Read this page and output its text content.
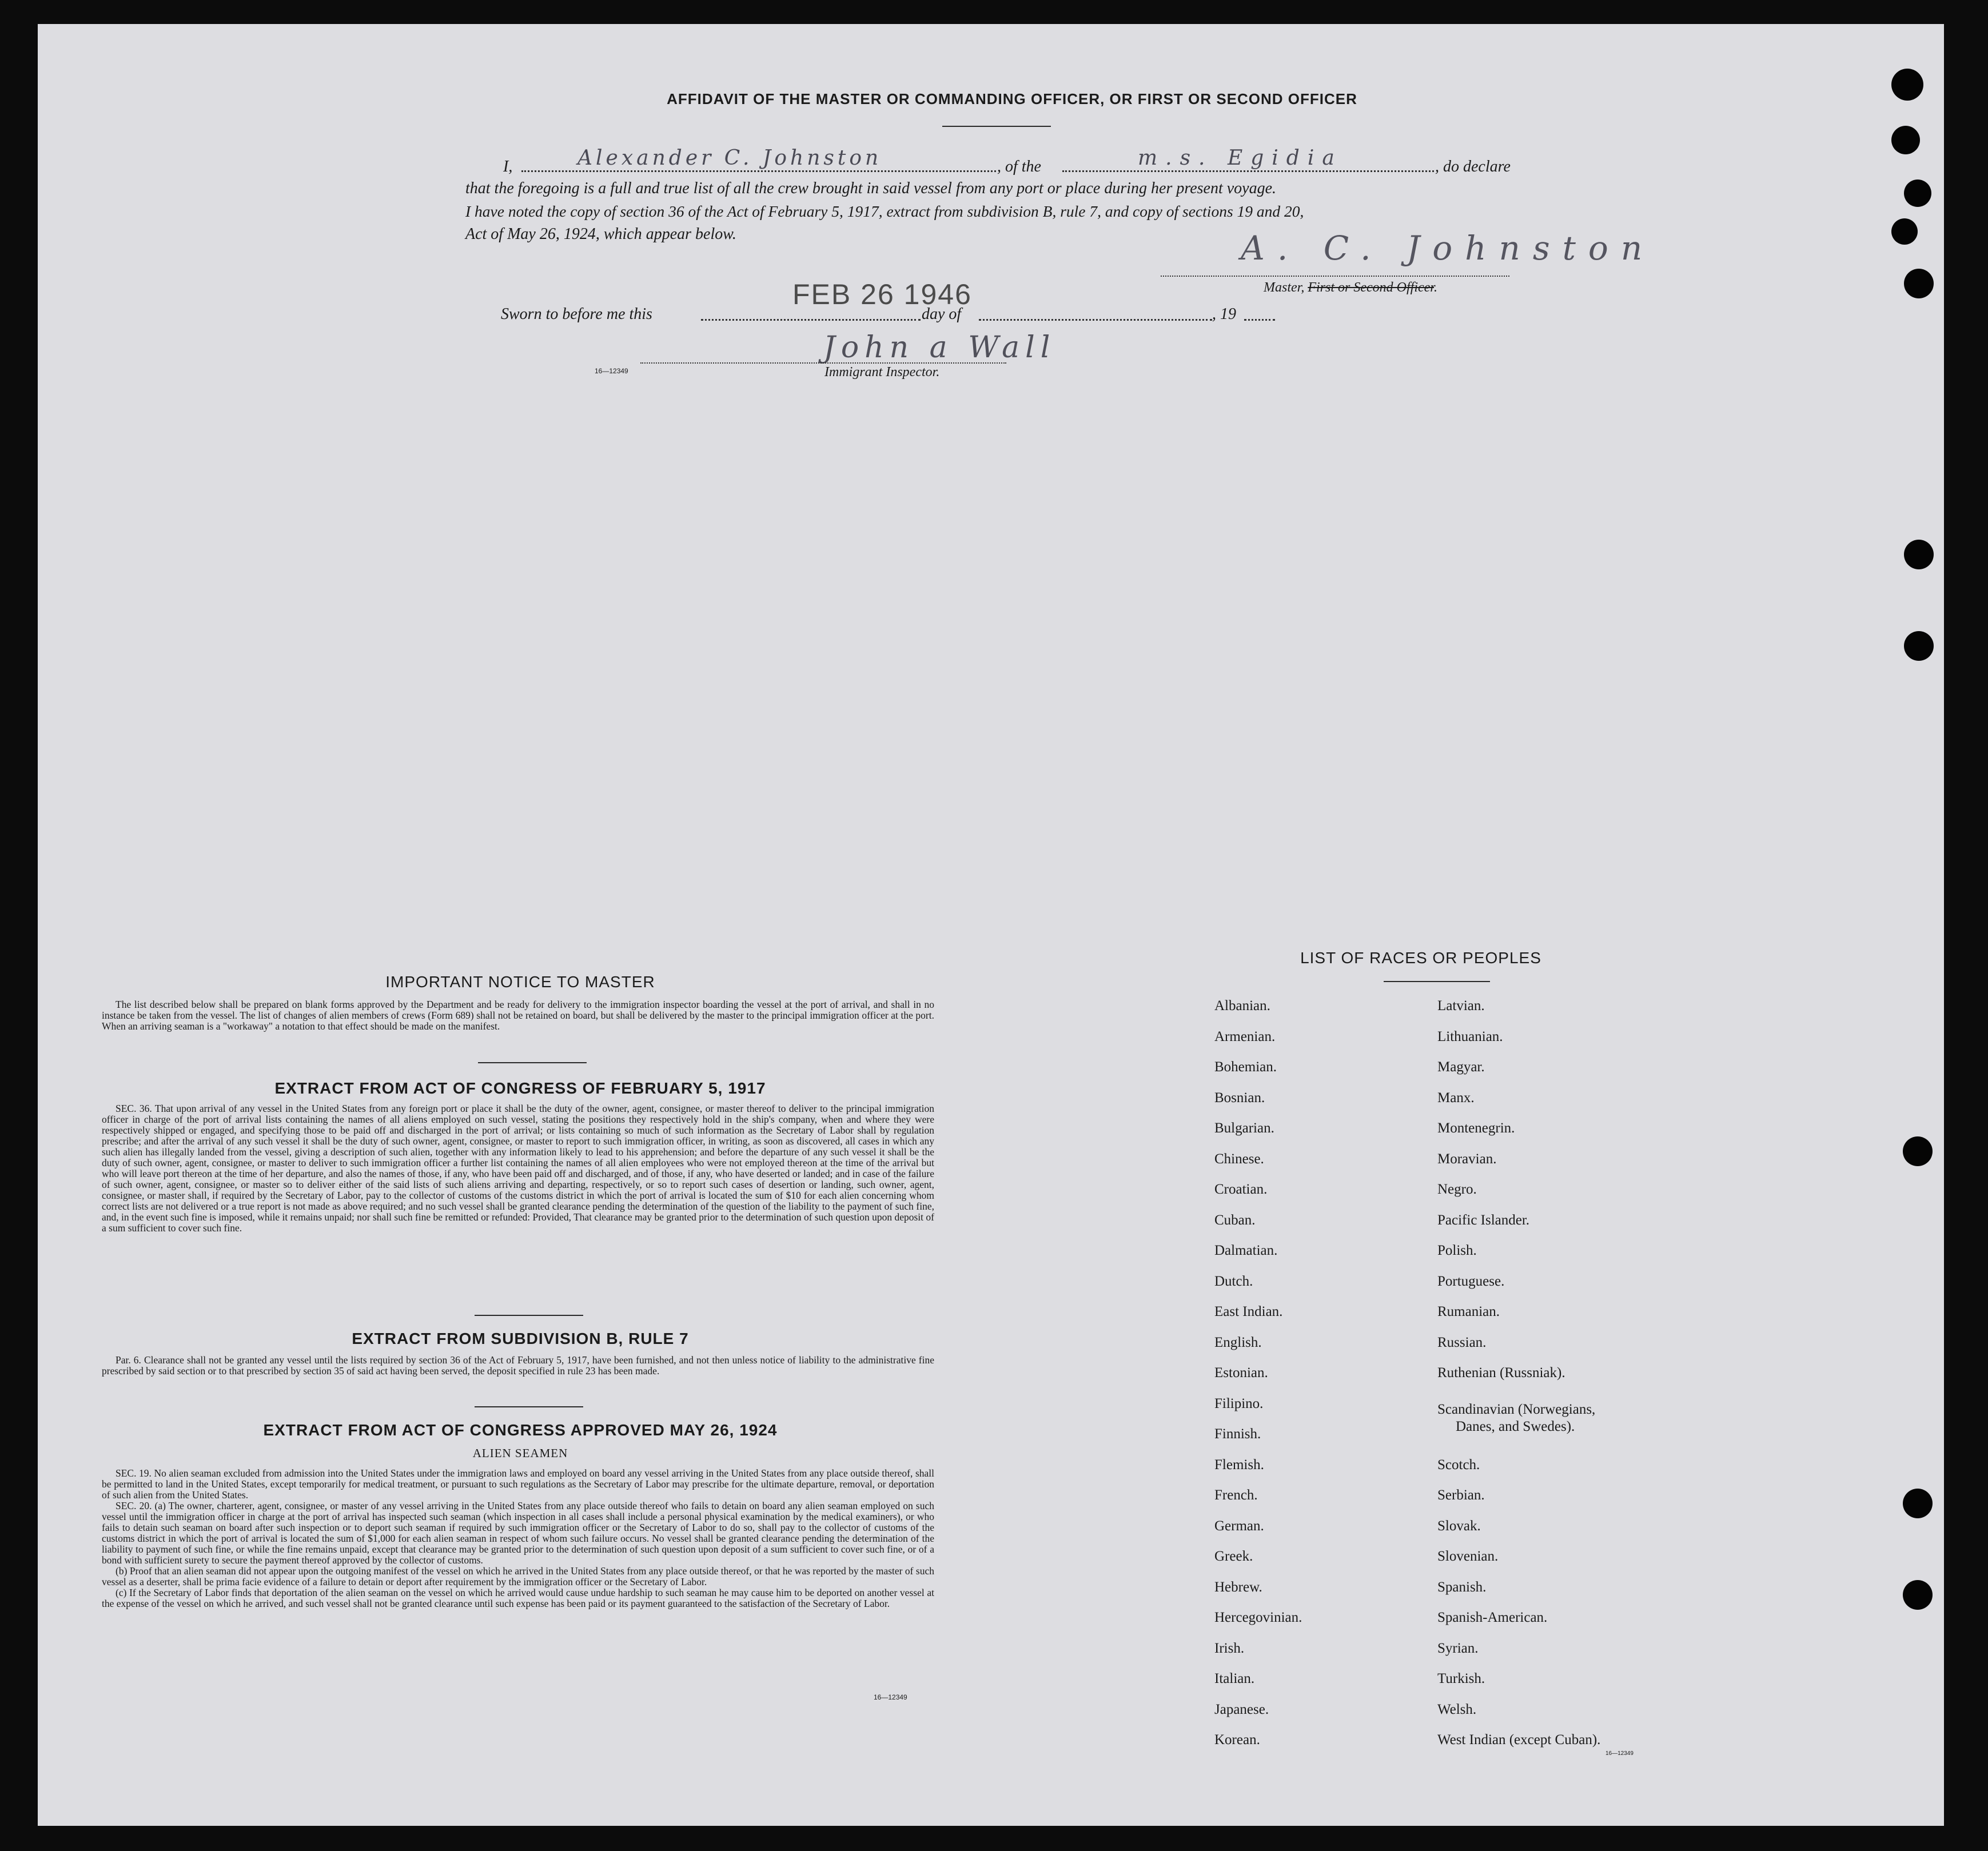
AFFIDAVIT OF THE MASTER OR COMMANDING OFFICER, OR FIRST OR SECOND OFFICER
I,	Alexander C. Johnston	, of the	m.s. Egidia	, do declare
that the foregoing is a full and true list of all the crew brought in said vessel from any port or place during her present voyage.
I have noted the copy of section 36 of the Act of February 5, 1917, extract from subdivision B, rule 7, and copy of sections 19 and 20,
Act of May 26, 1924, which appear below.	A. C. Johnston
Master, First or Second Officer.
Sworn to before me this
FEB 26 1946
day of	, 19
John a Wall
16—12349	Immigrant Inspector.
IMPORTANT NOTICE TO MASTER

The list described below shall be prepared on blank forms approved by the Department and be ready for delivery to the immigration inspector boarding the vessel at the port of arrival, and shall in no instance be taken from the vessel. The list of changes of alien members of crews (Form 689) shall not be retained on board, but shall be delivered by the master to the principal immigration officer at the port. When an arriving seaman is a "workaway" a notation to that effect should be made on the manifest.

EXTRACT FROM ACT OF CONGRESS OF FEBRUARY 5, 1917

SEC. 36. That upon arrival of any vessel in the United States from any foreign port or place it shall be the duty of the owner, agent, consignee, or master thereof to deliver to the principal immigration officer in charge of the port of arrival lists containing the names of all aliens employed on such vessel, stating the positions they respectively hold in the ship's company, when and where they were respectively shipped or engaged, and specifying those to be paid off and discharged in the port of arrival; or lists containing so much of such information as the Secretary of Labor shall by regulation prescribe; and after the arrival of any such vessel it shall be the duty of such owner, agent, consignee, or master to report to such immigration officer, in writing, as soon as discovered, all cases in which any such alien has illegally landed from the vessel, giving a description of such alien, together with any information likely to lead to his apprehension; and before the departure of any such vessel it shall be the duty of such owner, agent, consignee, or master to deliver to such immigration officer a further list containing the names of all alien employees who were not employed thereon at the time of the arrival but who will leave port thereon at the time of her departure, and also the names of those, if any, who have been paid off and discharged, and of those, if any, who have deserted or landed; and in case of the failure of such owner, agent, consignee, or master so to deliver either of the said lists of such aliens arriving and departing, respectively, or so to report such cases of desertion or landing, such owner, agent, consignee, or master shall, if required by the Secretary of Labor, pay to the collector of customs of the customs district in which the port of arrival is located the sum of $10 for each alien concerning whom correct lists are not delivered or a true report is not made as above required; and no such vessel shall be granted clearance pending the determination of the question of the liability to the payment of such fine, and, in the event such fine is imposed, while it remains unpaid; nor shall such fine be remitted or refunded: Provided, That clearance may be granted prior to the determination of such question upon deposit of a sum sufficient to cover such fine.

EXTRACT FROM SUBDIVISION B, RULE 7

Par. 6. Clearance shall not be granted any vessel until the lists required by section 36 of the Act of February 5, 1917, have been furnished, and not then unless notice of liability to the administrative fine prescribed by said section or to that prescribed by section 35 of said act having been served, the deposit specified in rule 23 has been made.

EXTRACT FROM ACT OF CONGRESS APPROVED MAY 26, 1924
ALIEN SEAMEN

SEC. 19. No alien seaman excluded from admission into the United States under the immigration laws and employed on board any vessel arriving in the United States from any place outside thereof, shall be permitted to land in the United States, except temporarily for medical treatment, or pursuant to such regulations as the Secretary of Labor may prescribe for the ultimate departure, removal, or deportation of such alien from the United States.

SEC. 20. (a) The owner, charterer, agent, consignee, or master of any vessel arriving in the United States from any place outside thereof who fails to detain on board any alien seaman employed on such vessel until the immigration officer in charge at the port of arrival has inspected such seaman (which inspection in all cases shall include a personal physical examination by the medical examiners), or who fails to detain such seaman on board after such inspection or to deport such seaman if required by such immigration officer or the Secretary of Labor to do so, shall pay to the collector of customs of the customs district in which the port of arrival is located the sum of $1,000 for each alien seaman in respect of whom such failure occurs. No vessel shall be granted clearance pending the determination of the liability to payment of such fine, or while the fine remains unpaid, except that clearance may be granted prior to the determination of such question upon deposit of a sum sufficient to cover such fine, or of a bond with sufficient surety to secure the payment thereof approved by the collector of customs.

(b) Proof that an alien seaman did not appear upon the outgoing manifest of the vessel on which he arrived in the United States from any place outside thereof, or that he was reported by the master of such vessel as a deserter, shall be prima facie evidence of a failure to detain or deport after requirement by the immigration officer or the Secretary of Labor.

(c) If the Secretary of Labor finds that deportation of the alien seaman on the vessel on which he arrived would cause undue hardship to such seaman he may cause him to be deported on another vessel at the expense of the vessel on which he arrived, and such vessel shall not be granted clearance until such expense has been paid or its payment guaranteed to the satisfaction of the Secretary of Labor.

16—12349
LIST OF RACES OR PEOPLES
Albanian.
Armenian.
Bohemian.
Bosnian.
Bulgarian.
Chinese.
Croatian.
Cuban.
Dalmatian.
Dutch.
East Indian.
English.
Estonian.
Filipino.
Finnish.
Flemish.
French.
German.
Greek.
Hebrew.
Hercegovinian.
Irish.
Italian.
Japanese.
Korean.
Latvian.
Lithuanian.
Magyar.
Manx.
Montenegrin.
Moravian.
Negro.
Pacific Islander.
Polish.
Portuguese.
Rumanian.
Russian.
Ruthenian (Russniak).
Scandinavian (Norwegians,
Danes, and Swedes).
Scotch.
Serbian.
Slovak.
Slovenian.
Spanish.
Spanish-American.
Syrian.
Turkish.
Welsh.
West Indian (except Cuban).
16—12349
